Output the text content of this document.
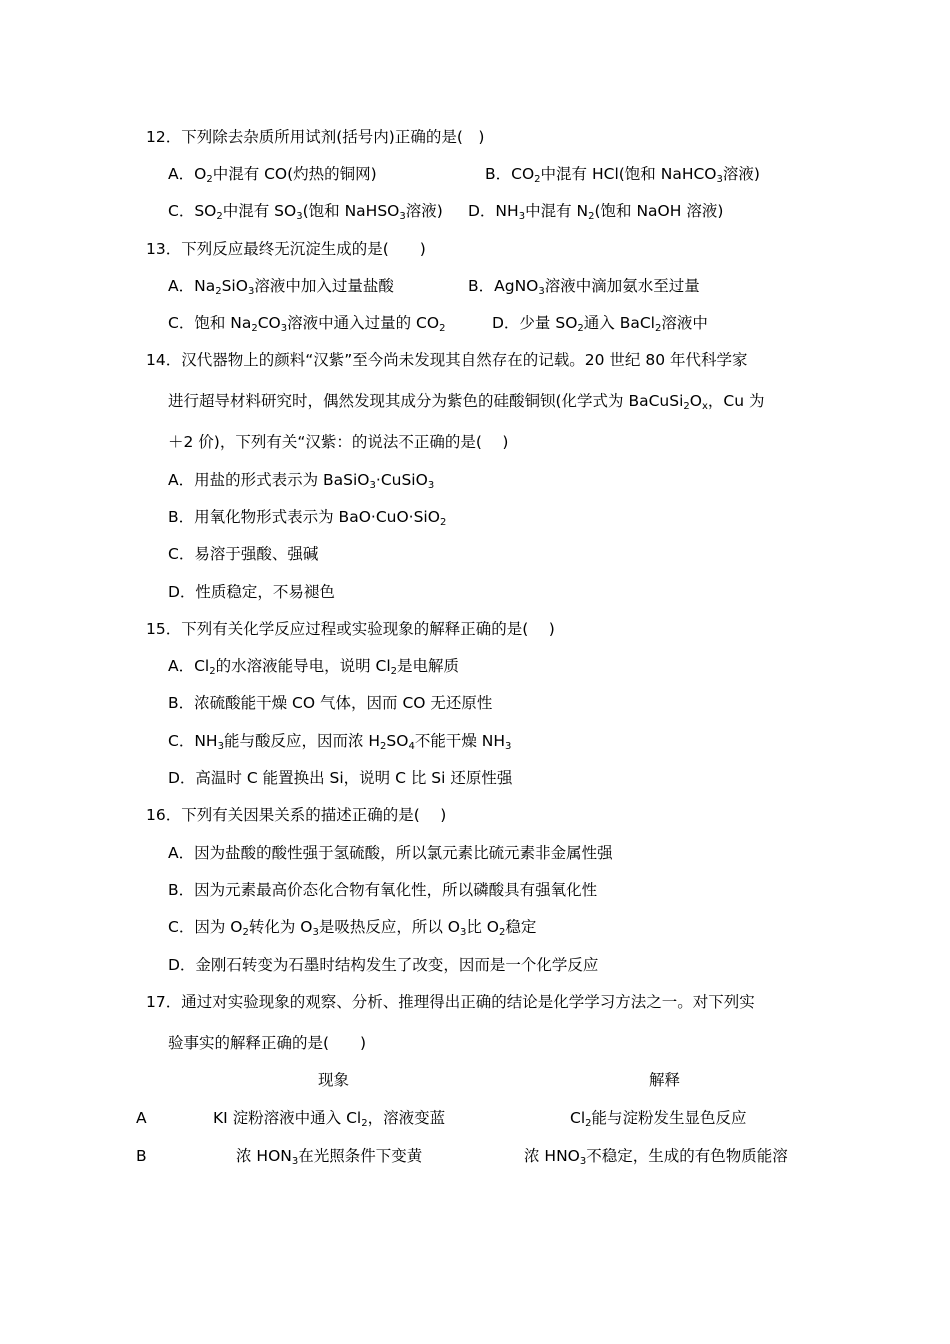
12．下列除去杂质所用试剂(括号内)正确的是(　)
A．$O_2$中混有 CO(灼热的铜网)	B．$CO_2$中混有 HCl(饱和 NaHCO$_3$溶液)
C．$SO_2$中混有 $SO_3$(饱和 NaHSO$_3$溶液) D．$NH_3$中混有 $N_2$(饱和 NaOH 溶液)
13．下列反应最终无沉淀生成的是(　　)
A．$Na_2SiO_3$溶液中加入过量盐酸	B．AgNO$_3$溶液中滴加氨水至过量
C．饱和 $Na_2CO_3$溶液中通入过量的 $CO_2$	D．少量 $SO_2$通入 BaCl$_2$溶液中
14．汉代器物上的颜料“汉紫”至今尚未发现其自然存在的记载。20 世纪 80 年代科学家
进行超导材料研究时，偶然发现其成分为紫色的硅酸铜钡(化学式为 $BaCuSi_2O_x$，Cu 为
＋2 价)，下列有关“汉紫：的说法不正确的是(　 )
A．用盐的形式表示为 BaSiO$_3$·CuSiO$_3$
B．用氧化物形式表示为 BaO·CuO·SiO$_2$
C．易溶于强酸、强碱
D．性质稳定，不易褪色
15．下列有关化学反应过程或实验现象的解释正确的是(　 )
A．$Cl_2$的水溶液能导电，说明 $Cl_2$是电解质
B．浓硫酸能干燥 CO 气体，因而 CO 无还原性
C．$NH_3$能与酸反应，因而浓 $H_2SO_4$不能干燥 $NH_3$
D．高温时 C 能置换出 Si，说明 C 比 Si 还原性强
16．下列有关因果关系的描述正确的是(　 )
A．因为盐酸的酸性强于氢硫酸，所以氯元素比硫元素非金属性强
B．因为元素最高价态化合物有氧化性，所以磷酸具有强氧化性
C．因为 $O_2$转化为 $O_3$是吸热反应，所以 $O_3$比 $O_2$稳定
D．金刚石转变为石墨时结构发生了改变，因而是一个化学反应
17．通过对实验现象的观察、分析、推理得出正确的结论是化学学习方法之一。对下列实
验事实的解释正确的是(　　)
现象	解释
A	KI 淀粉溶液中通入 $Cl_2$，溶液变蓝	$Cl_2$能与淀粉发生显色反应
B	浓 $HON_3$在光照条件下变黄	浓 $HNO_3$不稳定，生成的有色物质能溶
